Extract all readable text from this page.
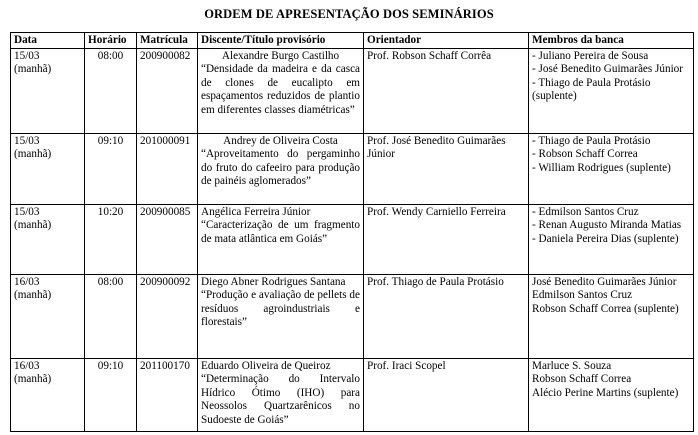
ORDEM DE APRESENTAÇÃO DOS SEMINÁRIOS
Data	Horário	Matrícula	Discente/Título provisório	Orientador	Membros da banca

15/03
(manhã)	08:00	200900082	Alexandre Burgo Castilho
“Densidade da madeira e da casca de clones de eucalipto em espaçamentos reduzidos de plantio em diferentes classes diamétricas”	Prof. Robson Schaff Corrêa	- Juliano Pereira de Sousa
- José Benedito Guimarães Júnior
- Thiago de Paula Protásio (suplente)

15/03
(manhã)	09:10	201000091	Andrey de Oliveira Costa
“Aproveitamento do pergaminho do fruto do cafeeiro para produção de painéis aglomerados”	Prof. José Benedito Guimarães Júnior	- Thiago de Paula Protásio
- Robson Schaff Correa
- William Rodrigues (suplente)

15/03
(manhã)	10:20	200900085	Angélica Ferreira Júnior
“Caracterização de um fragmento de mata atlântica em Goiás”	Prof. Wendy Carniello Ferreira	- Edmilson Santos Cruz
- Renan Augusto Miranda Matias
- Daniela Pereira Dias (suplente)

16/03
(manhã)	08:00	200900092	Diego Abner Rodrigues Santana
“Produção e avaliação de pellets de resíduos agroindustriais e florestais”	Prof. Thiago de Paula Protásio	José Benedito Guimarães Júnior
Edmilson Santos Cruz
Robson Schaff Correa (suplente)

16/03
(manhã)	09:10	201100170	Eduardo Oliveira de Queiroz
“Determinação do Intervalo Hídrico Ótimo (IHO) para Neossolos Quartzarênicos no Sudoeste de Goiás”	Prof. Iraci Scopel	Marluce S. Souza
Robson Schaff Correa
Alécio Perine Martins (suplente)
